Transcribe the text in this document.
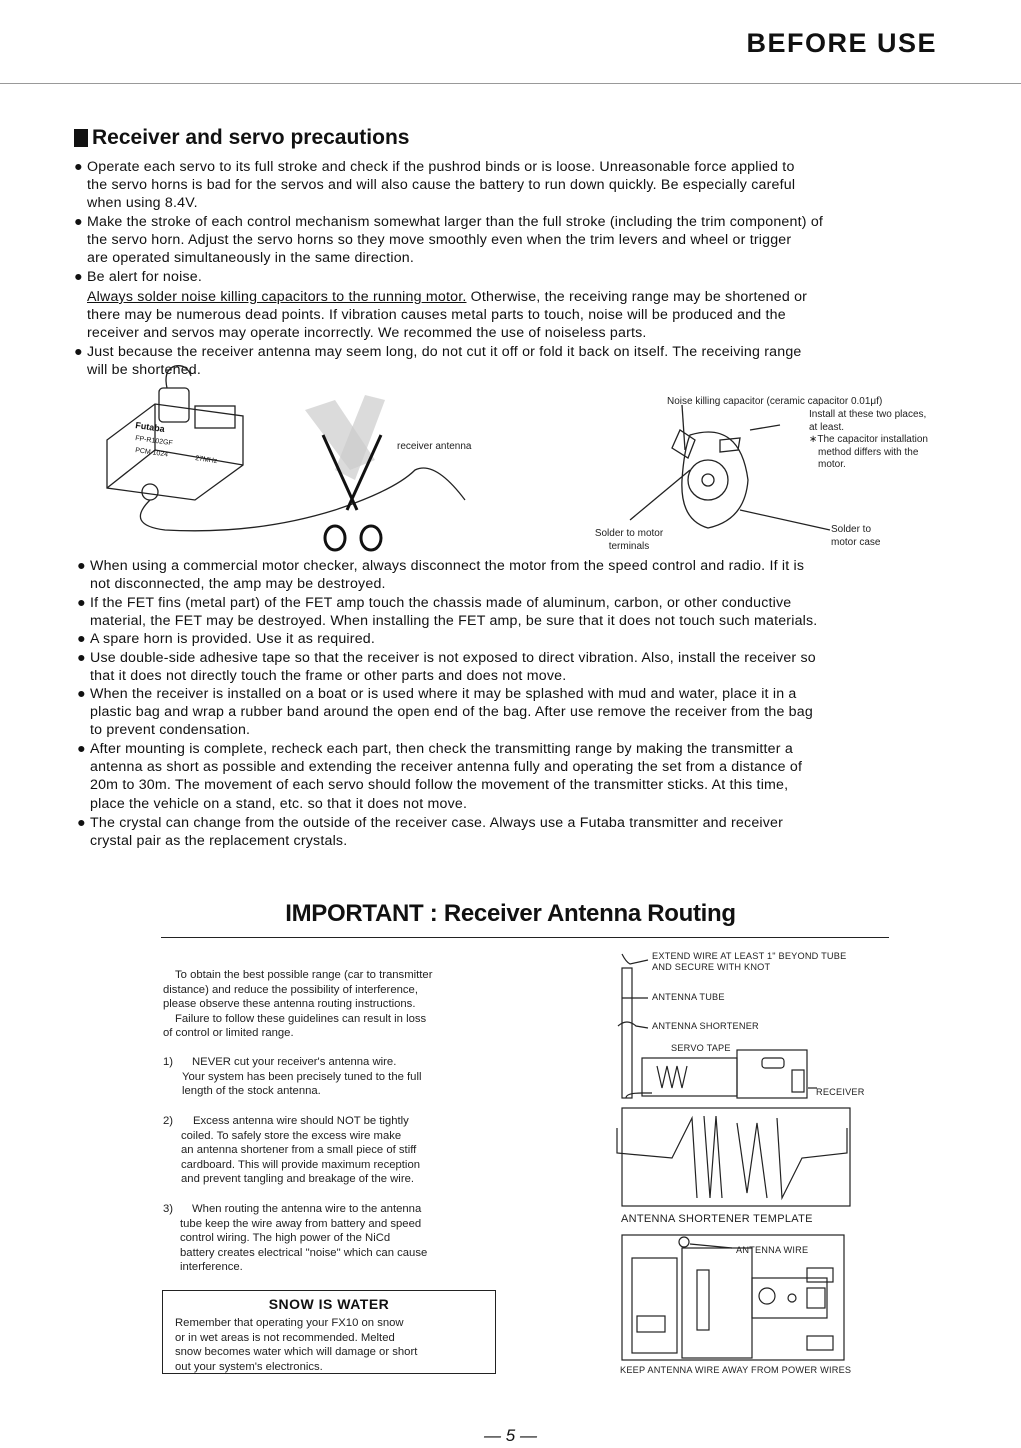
BEFORE USE
Receiver and servo precautions
● Operate each servo to its full stroke and check if the pushrod binds or is loose. Unreasonable force applied to
the servo horns is bad for the servos and will also cause the battery to run down quickly. Be especially careful
when using 8.4V.
● Make the stroke of each control mechanism somewhat larger than the full stroke (including the trim component) of
the servo horn. Adjust the servo horns so they move smoothly even when the trim levers and wheel or trigger
are operated simultaneously in the same direction.
● Be alert for noise.
Always solder noise killing capacitors to the running motor. Otherwise, the receiving range may be shortened or
there may be numerous dead points. If vibration causes metal parts to touch, noise will be produced and the
receiver and servos may operate incorrectly. We recommed the use of noiseless parts.
● Just because the receiver antenna may seem long, do not cut it off or fold it back on itself. The receiving range
will be shortened.
Futaba
FP-R102GF
PCM 1024
27MHz
receiver antenna
Noise killing capacitor (ceramic capacitor 0.01μf)
Install at these two places,
at least.
∗The capacitor installation
method differs with the
motor.
Solder to motor
terminals
Solder to
motor case
● When using a commercial motor checker, always disconnect the motor from the speed control and radio. If it is
not disconnected, the amp may be destroyed.
● If the FET fins (metal part) of the FET amp touch the chassis made of aluminum, carbon, or other conductive
material, the FET may be destroyed. When installing the FET amp, be sure that it does not touch such materials.
● A spare horn is provided. Use it as required.
● Use double-side adhesive tape so that the receiver is not exposed to direct vibration. Also, install the receiver so
that it does not directly touch the frame or other parts and does not move.
● When the receiver is installed on a boat or is used where it may be splashed with mud and water, place it in a
plastic bag and wrap a rubber band around the open end of the bag. After use remove the receiver from the bag
to prevent condensation.
● After mounting is complete, recheck each part, then check the transmitting range by making the transmitter a
antenna as short as possible and extending the receiver antenna fully and operating the set from a distance of
20m to 30m. The movement of each servo should follow the movement of the transmitter sticks. At this time,
place the vehicle on a stand, etc. so that it does not move.
● The crystal can change from the outside of the receiver case. Always use a Futaba transmitter and receiver
crystal pair as the replacement crystals.
IMPORTANT : Receiver Antenna Routing
To obtain the best possible range (car to transmitter
distance) and reduce the possibility of interference,
please observe these antenna routing instructions.
Failure to follow these guidelines can result in loss
of control or limited range.
1)	NEVER cut your receiver's antenna wire.
Your system has been precisely tuned to the full
length of the stock antenna.
2)	Excess antenna wire should NOT be tightly
coiled. To safely store the excess wire make
an antenna shortener from a small piece of stiff
cardboard. This will provide maximum reception
and prevent tangling and breakage of the wire.
3)	When routing the antenna wire to the antenna
tube keep the wire away from battery and speed
control wiring. The high power of the NiCd
battery creates electrical "noise" which can cause
interference.
SNOW IS WATER
Remember that operating your FX10 on snow
or in wet areas is not recommended. Melted
snow becomes water which will damage or short
out your system's electronics.
EXTEND WIRE AT LEAST 1" BEYOND TUBE
AND SECURE WITH KNOT
ANTENNA TUBE
ANTENNA SHORTENER
SERVO TAPE
RECEIVER
ANTENNA SHORTENER TEMPLATE
ANTENNA WIRE
KEEP ANTENNA WIRE AWAY FROM POWER WIRES
— 5 —
